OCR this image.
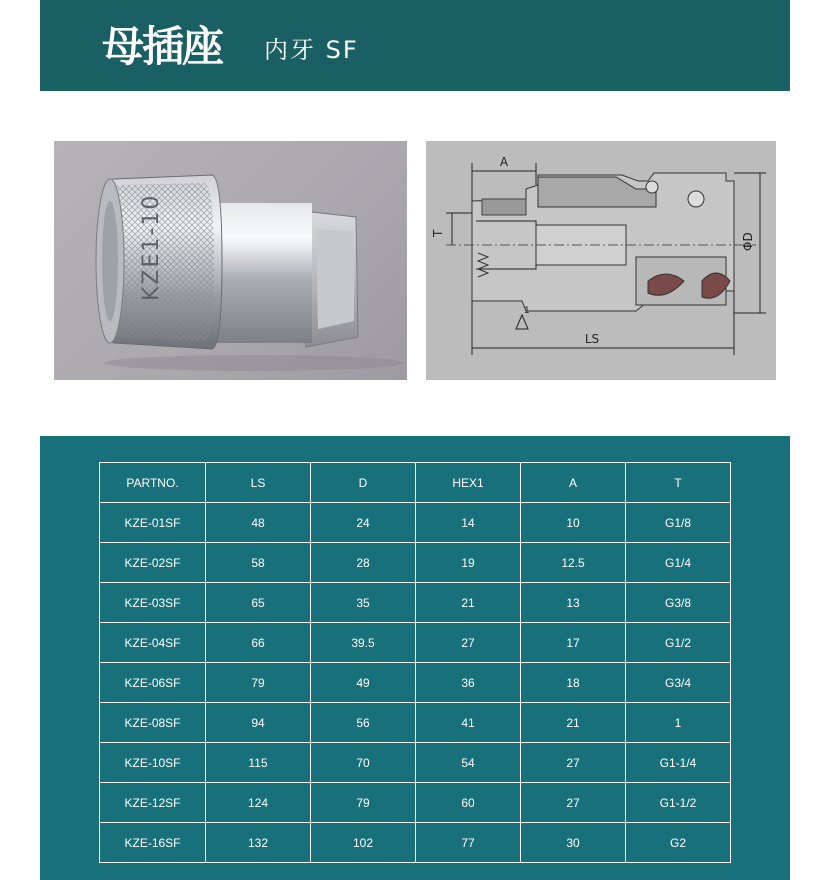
母插座 内牙 SF
KZE1-10
A
T	ΦD
LS
1
PARTNO.	LS	D	HEX1	A	T
KZE-01SF	48	24	14	10	G1/8
KZE-02SF	58	28	19	12.5	G1/4
KZE-03SF	65	35	21	13	G3/8
KZE-04SF	66	39.5	27	17	G1/2
KZE-06SF	79	49	36	18	G3/4
KZE-08SF	94	56	41	21	1
KZE-10SF	115	70	54	27	G1-1/4
KZE-12SF	124	79	60	27	G1-1/2
KZE-16SF	132	102	77	30	G2
